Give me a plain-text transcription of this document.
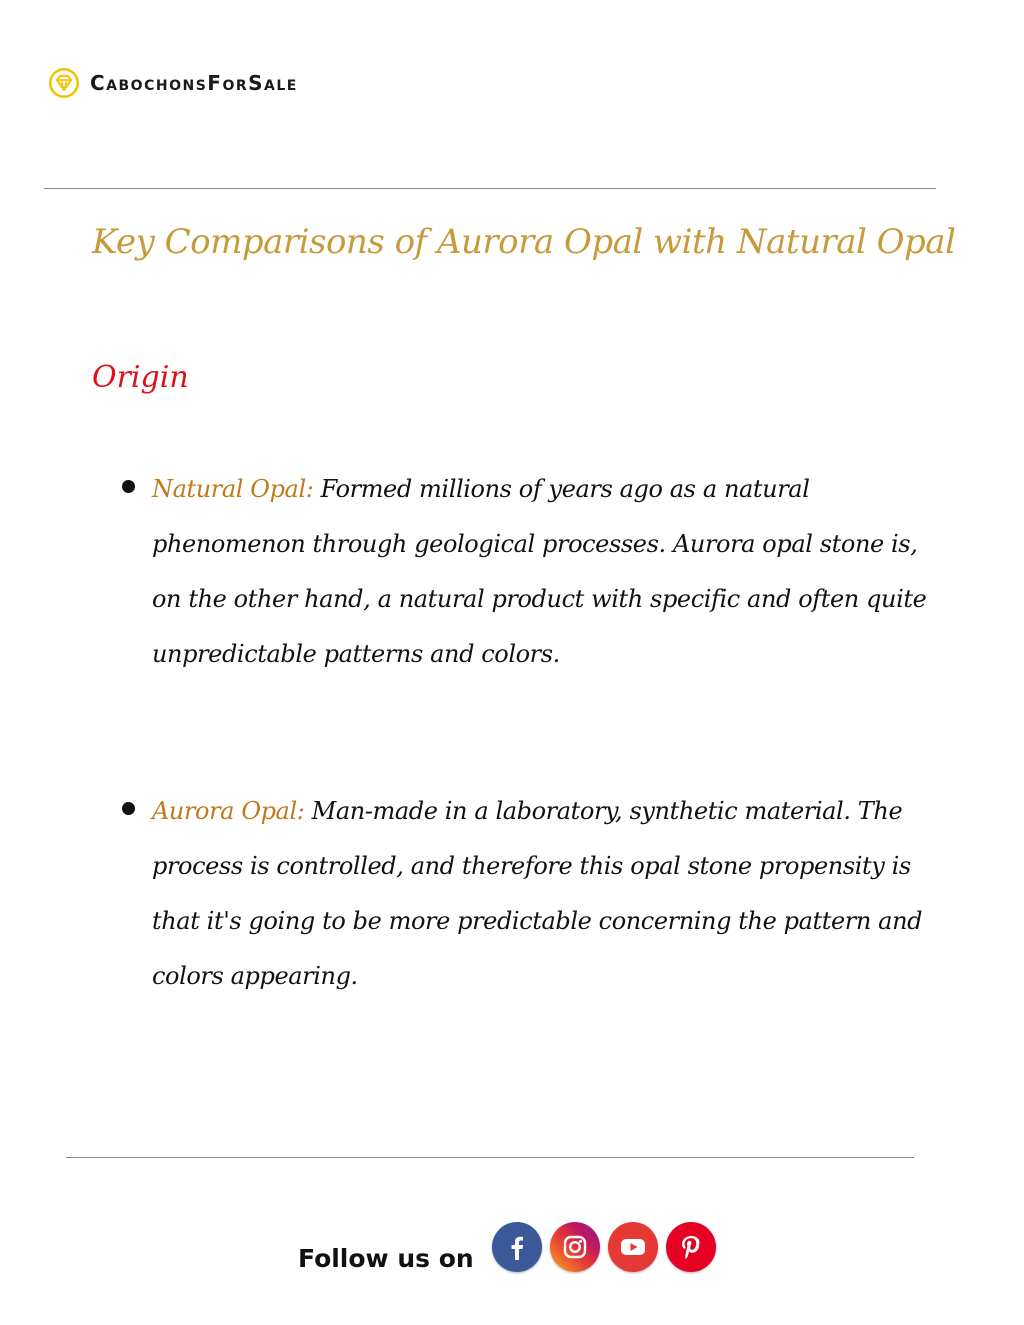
CabochonsForSale
Key Comparisons of Aurora Opal with Natural Opal
Origin
Natural Opal: Formed millions of years ago as a natural phenomenon through geological processes. Aurora opal stone is, on the other hand, a natural product with specific and often quite unpredictable patterns and colors.
Aurora Opal: Man-made in a laboratory, synthetic material. The process is controlled, and therefore this opal stone propensity is that it's going to be more predictable concerning the pattern and colors appearing.
Follow us on
